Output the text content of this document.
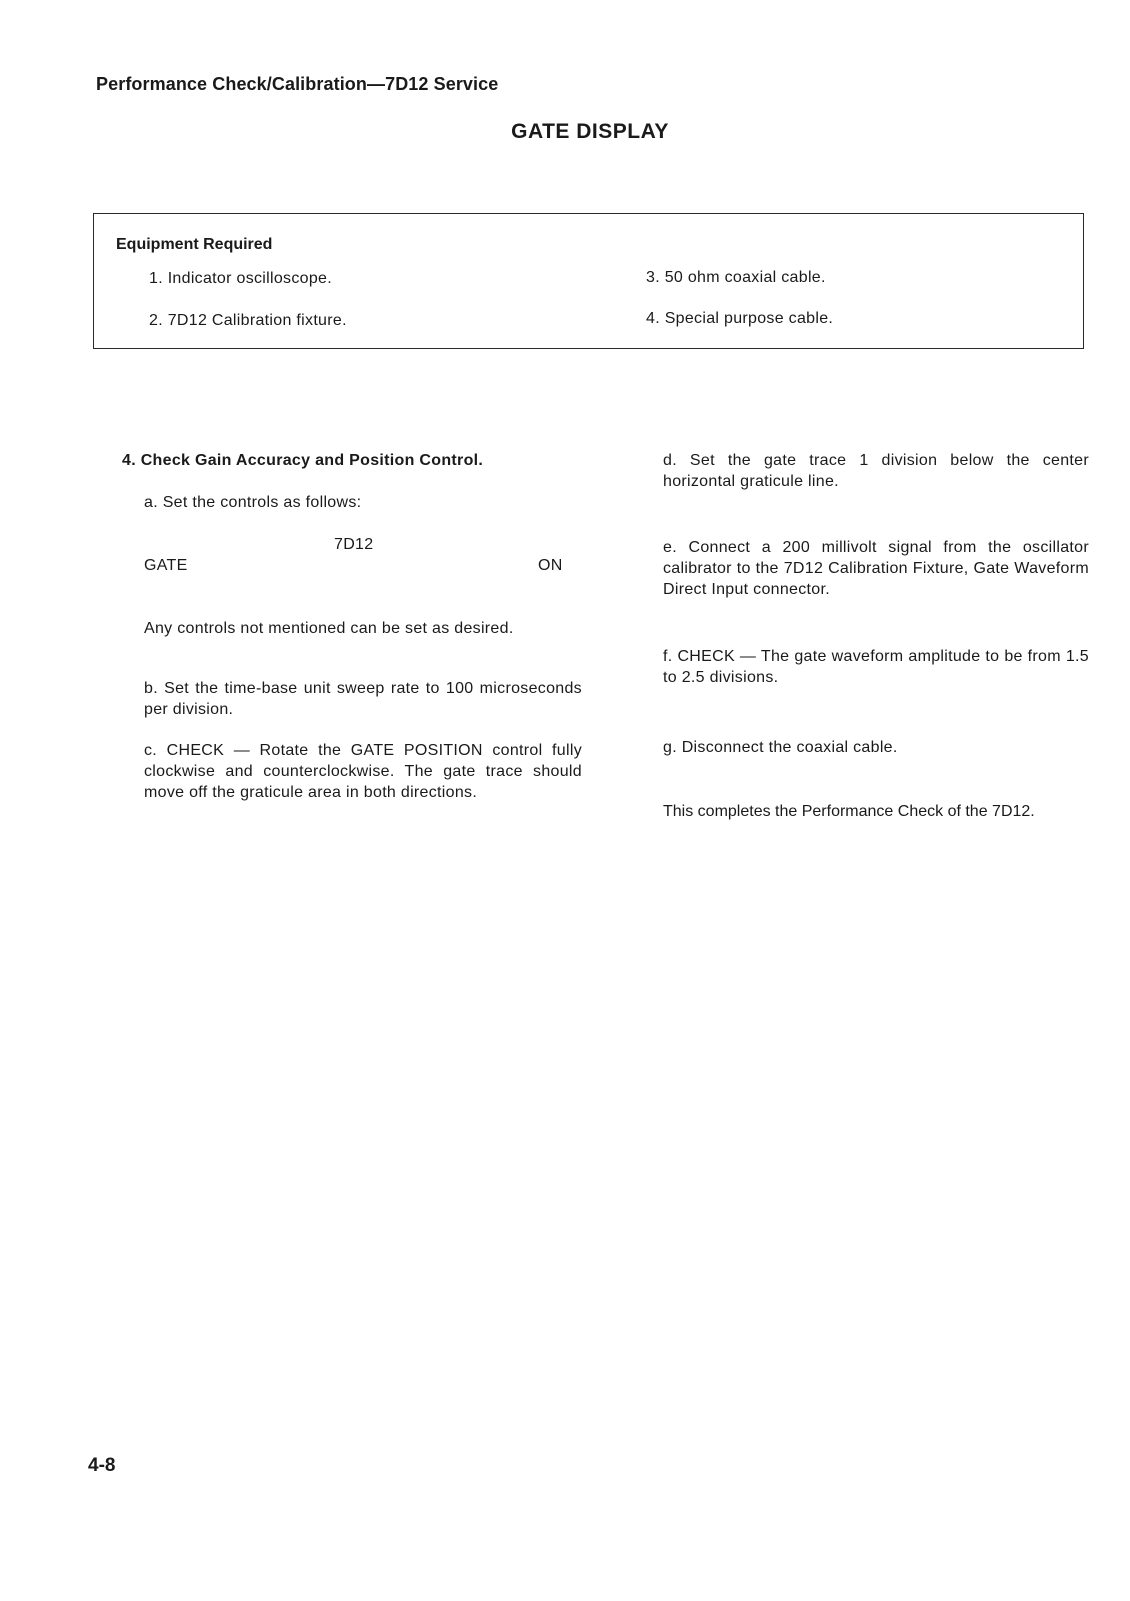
Performance Check/Calibration—7D12 Service
GATE DISPLAY
Equipment Required
1. Indicator oscilloscope.
2. 7D12 Calibration fixture.
3. 50 ohm coaxial cable.
4. Special purpose cable.

4. Check Gain Accuracy and Position Control.

a. Set the controls as follows:

7D12
GATE	ON

Any controls not mentioned can be set as desired.

b. Set the time-base unit sweep rate to 100 microseconds per division.

c. CHECK — Rotate the GATE POSITION control fully clockwise and counterclockwise. The gate trace should move off the graticule area in both directions.

d. Set the gate trace 1 division below the center horizontal graticule line.

e. Connect a 200 millivolt signal from the oscillator calibrator to the 7D12 Calibration Fixture, Gate Waveform Direct Input connector.

f. CHECK — The gate waveform amplitude to be from 1.5 to 2.5 divisions.

g. Disconnect the coaxial cable.

This completes the Performance Check of the 7D12.

4-8
